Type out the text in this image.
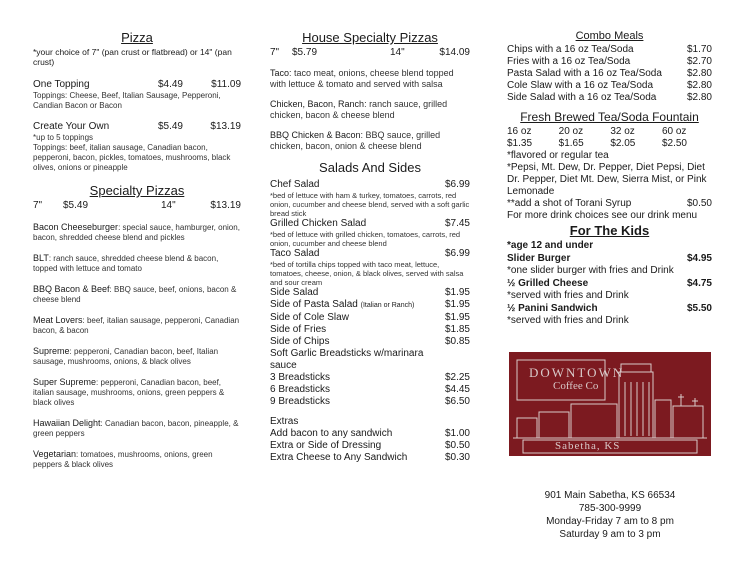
Pizza
*your choice of 7" (pan crust or flatbread) or 14" (pan crust)
One Topping	$4.49	$11.09
Toppings: Cheese, Beef, Italian Sausage, Pepperoni, Candian Bacon or Bacon
Create Your Own	$5.49	$13.19
*up to 5 toppings
Toppings: beef, italian sausage, Canadian bacon, pepperoni, bacon, pickles, tomatoes, mushrooms, black olives, onions or pineapple
Specialty Pizzas
7"	$5.49	14"	$13.19
Bacon Cheeseburger: special sauce, hamburger, onion, bacon, shredded cheese blend and pickles
BLT: ranch sauce, shredded cheese blend & bacon, topped with lettuce and tomato
BBQ Bacon & Beef: BBQ sauce, beef, onions, bacon & cheese blend
Meat Lovers: beef, italian sausage, pepperoni, Canadian bacon, & bacon
Supreme: pepperoni, Canadian bacon, beef, Italian sausage, mushrooms, onions, & black olives
Super Supreme: pepperoni, Canadian bacon, beef, italian sausage, mushrooms, onions, green peppers & black olives
Hawaiian Delight: Canadian bacon, bacon, pineapple, & green peppers
Vegetarian: tomatoes, mushrooms, onions, green peppers & black olives
House Specialty Pizzas
7"	$5.79	14"	$14.09
Taco: taco meat, onions, cheese blend topped with lettuce & tomato and served with salsa
Chicken, Bacon, Ranch: ranch sauce, grilled chicken, bacon & cheese blend
BBQ Chicken & Bacon: BBQ sauce, grilled chicken, bacon, onion & cheese blend
Salads And Sides
Chef Salad	$6.99
*bed of lettuce with ham & turkey, tomatoes, carrots, red onion, cucumber and cheese blend, served with a soft garlic bread stick
Grilled Chicken Salad	$7.45
*bed of lettuce with grilled chicken, tomatoes, carrots, red onion, cucumber and cheese blend
Taco Salad	$6.99
*bed of tortilla chips topped with taco meat, lettuce, tomatoes, cheese, onion, & black olives, served with salsa and sour cream
Side Salad	$1.95
Side of Pasta Salad (Italian or Ranch)	$1.95
Side of Cole Slaw	$1.95
Side of Fries	$1.85
Side of Chips	$0.85
Soft Garlic Breadsticks w/marinara sauce
3 Breadsticks	$2.25
6 Breadsticks	$4.45
9 Breadsticks	$6.50
Extras
Add bacon to any sandwich	$1.00
Extra or Side of Dressing	$0.50
Extra Cheese to Any Sandwich	$0.30
Combo Meals
Chips with a 16 oz Tea/Soda	$1.70
Fries with a 16 oz Tea/Soda	$2.70
Pasta Salad with a 16 oz Tea/Soda	$2.80
Cole Slaw with a 16 oz Tea/Soda	$2.80
Side Salad with a 16 oz Tea/Soda	$2.80
Fresh Brewed Tea/Soda Fountain
16 oz	20 oz	32 oz	60 oz
$1.35	$1.65	$2.05	$2.50
*flavored or regular tea
*Pepsi, Mt. Dew, Dr. Pepper, Diet Pepsi, Diet Dr. Pepper, Diet Mt. Dew, Sierra Mist, or Pink Lemonade
**add a shot of Torani Syrup	$0.50
For more drink choices see our drink menu
For The Kids
*age 12 and under
Slider Burger	$4.95
*one slider burger with fries and Drink
½ Grilled Cheese	$4.75
*served with fries and Drink
½ Panini Sandwich	$5.50
*served with fries and Drink
DOWNTOWN
Coffee Co
Sabetha, KS
901 Main Sabetha, KS 66534
785-300-9999
Monday-Friday 7 am to 8 pm
Saturday 9 am to 3 pm
